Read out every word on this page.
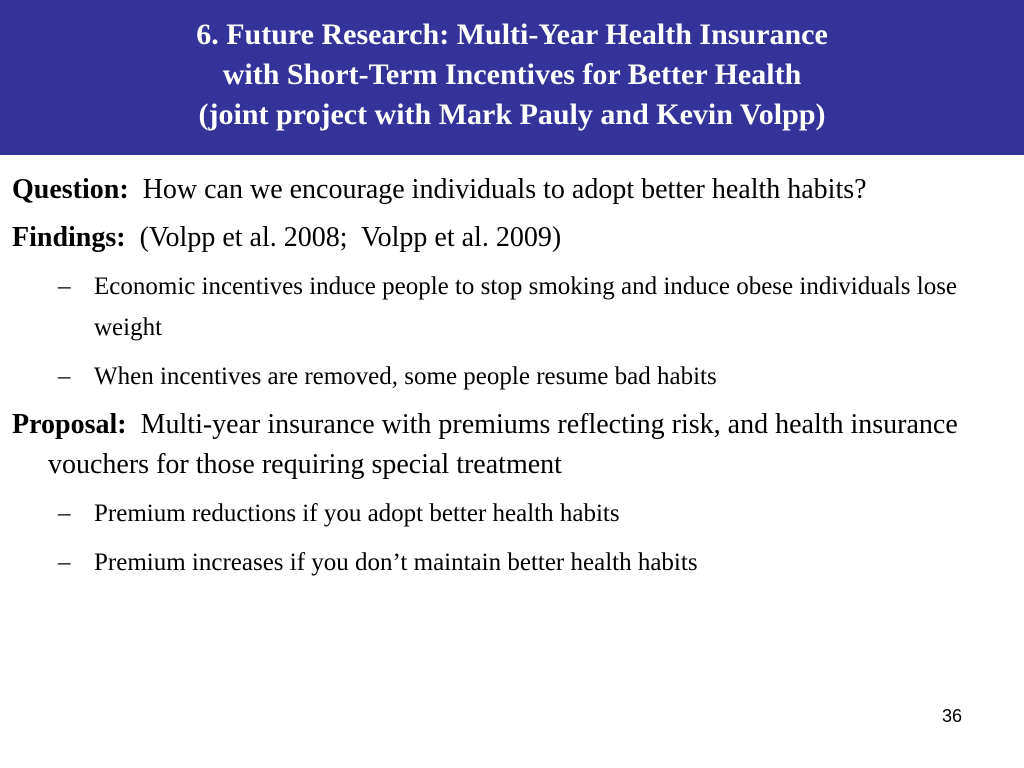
6. Future Research: Multi-Year Health Insurance
with Short-Term Incentives for Better Health
(joint project with Mark Pauly and Kevin Volpp)
Question:  How can we encourage individuals to adopt better health habits?
Findings:  (Volpp et al. 2008;  Volpp et al. 2009)
– Economic incentives induce people to stop smoking and induce obese individuals lose weight
– When incentives are removed, some people resume bad habits
Proposal:  Multi-year insurance with premiums reflecting risk, and health insurance vouchers for those requiring special treatment
– Premium reductions if you adopt better health habits
– Premium increases if you don’t maintain better health habits
36
